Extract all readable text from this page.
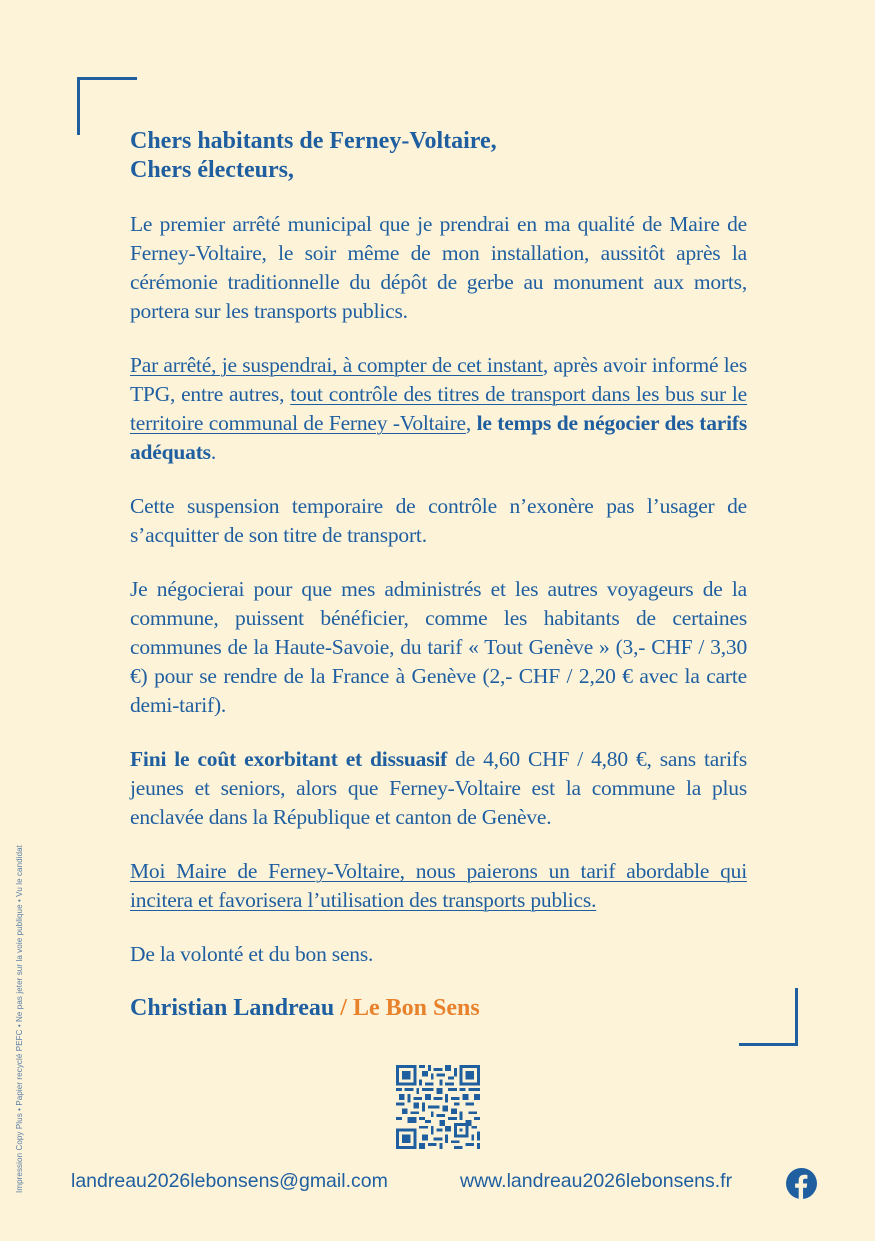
Chers habitants de Ferney-Voltaire,
Chers électeurs,

Le premier arrêté municipal que je prendrai en ma qualité de Maire de Ferney-Voltaire, le soir même de mon installation, aussitôt après la cérémonie traditionnelle du dépôt de gerbe au monument aux morts, portera sur les transports publics.

Par arrêté, je suspendrai, à compter de cet instant, après avoir informé les TPG, entre autres, tout contrôle des titres de transport dans les bus sur le territoire communal de Ferney -Voltaire, le temps de négocier des tarifs adéquats.

Cette suspension temporaire de contrôle n’exonère pas l’usager de s’acquitter de son titre de transport.

Je négocierai pour que mes administrés et les autres voyageurs de la commune, puissent bénéficier, comme les habitants de certaines communes de la Haute-Savoie, du tarif « Tout Genève » (3,- CHF / 3,30 €) pour se rendre de la France à Genève (2,- CHF / 2,20 € avec la carte demi-tarif).

Fini le coût exorbitant et dissuasif de 4,60 CHF / 4,80 €, sans tarifs jeunes et seniors, alors que Ferney-Voltaire est la commune la plus enclavée dans la République et canton de Genève.

Moi Maire de Ferney-Voltaire, nous paierons un tarif abordable qui incitera et favorisera l’utilisation des transports publics.

De la volonté et du bon sens.

Christian Landreau / Le Bon Sens
Impression Copy Plus • Papier recyclé PEFC • Ne pas jeter sur la voie publique • Vu le candidat landreau2026lebonsens@gmail.com	www.landreau2026lebonsens.fr
